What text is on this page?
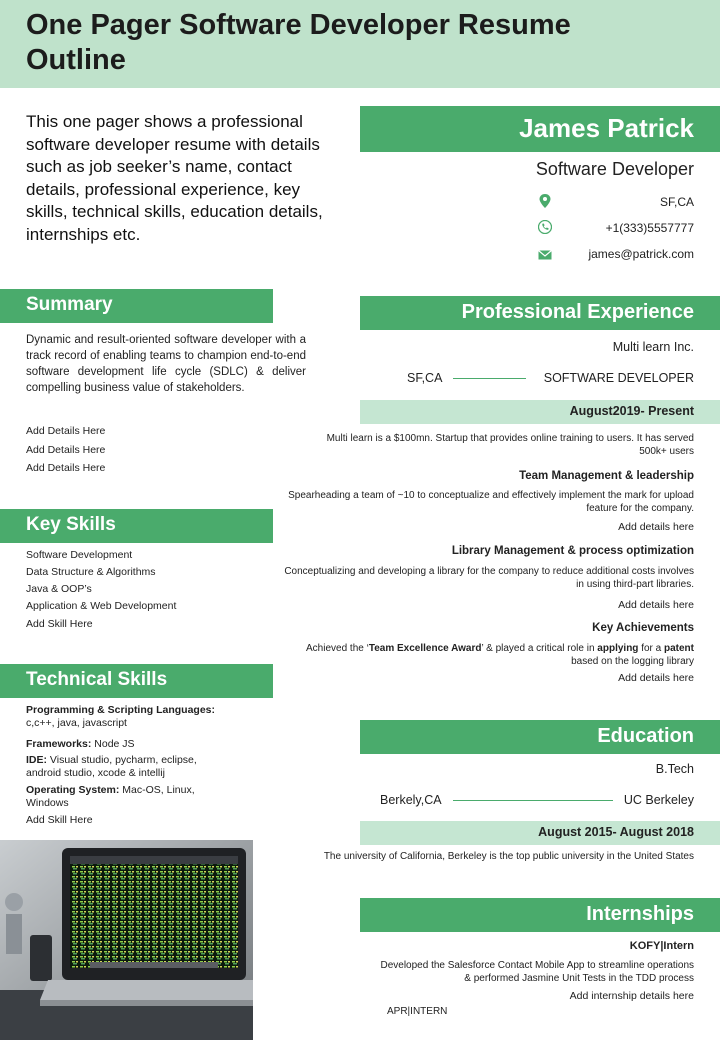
One Pager Software Developer Resume Outline
This one pager shows a professional software developer resume with details such as job seeker’s name, contact details, professional experience, key skills, technical skills, education details, internships etc.
Summary
Dynamic and result-oriented software developer with a track record of enabling teams to champion end-to-end software development life cycle (SDLC) & deliver compelling business value of stakeholders.
Add Details Here
Add Details Here
Add Details Here
Key Skills
Software Development
Data Structure & Algorithms
Java & OOP’s
Application & Web Development
Add Skill Here
Technical Skills
Programming & Scripting Languages:
c,c++, java, javascript
Frameworks: Node JS
IDE: Visual studio, pycharm, eclipse, android studio, xcode & intellij
Operating System: Mac-OS, Linux, Windows
Add Skill Here
James Patrick
Software Developer
SF,CA
+1(333)5557777
james@patrick.com
Professional Experience
Multi learn Inc.
SF,CA	SOFTWARE DEVELOPER
August2019- Present
Multi learn is a $100mn. Startup that provides online training to users. It has served 500k+ users
Team Management & leadership
Spearheading a team of ~10 to conceptualize and effectively implement the mark for upload feature for the company.
Add details here
Library Management & process optimization
Conceptualizing and developing a library for the company to reduce additional costs involves in using third-part libraries.
Add details here
Key Achievements
Achieved the ‘Team Excellence Award’ & played a critical role in applying for a patent based on the logging library
Add details here
Education
B.Tech
Berkely,CA	UC Berkeley
August 2015- August 2018
The university of California, Berkeley is the top public university in the United States
Internships
KOFY|Intern
Developed the Salesforce Contact Mobile App to streamline operations & performed Jasmine Unit Tests in the TDD process
Add internship details here
APR|INTERN
